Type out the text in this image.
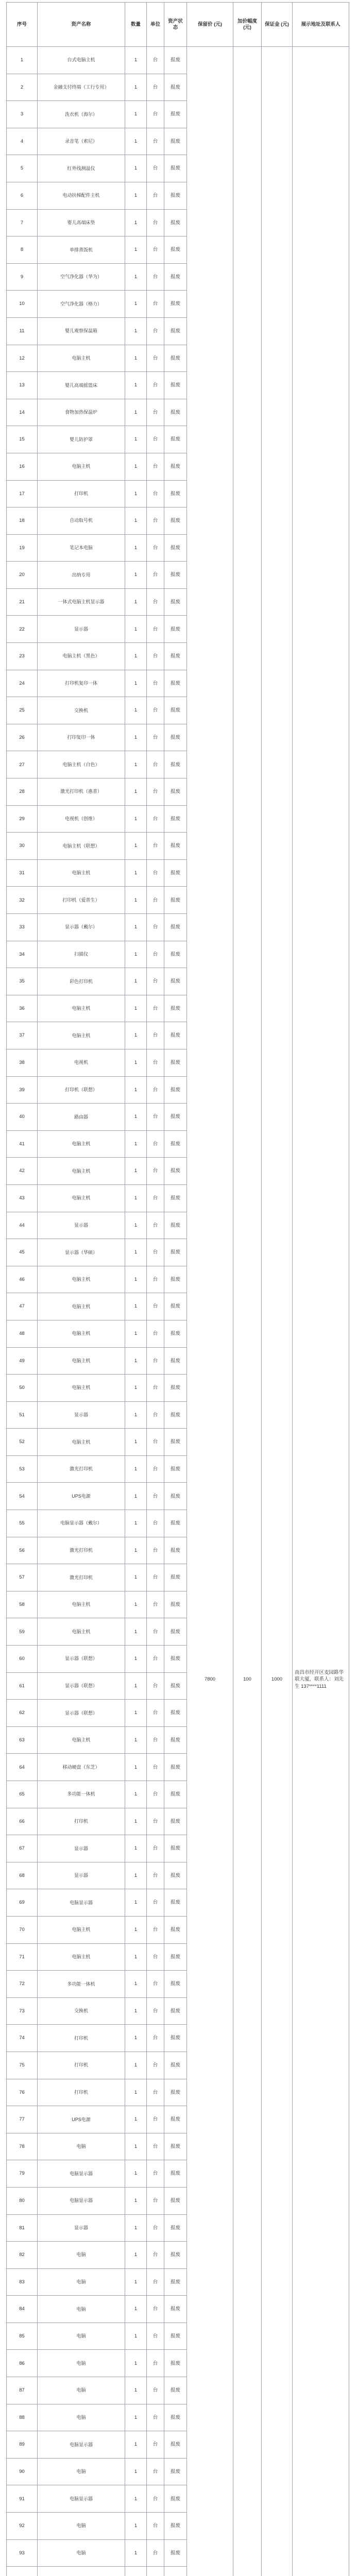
序号	资产名称	数量	单位	资产状态	保留价 (元)	加价幅度 (元)	保证金 (元)	展示地址及联系人
1	台式电脑主机	1	台	报废	7800	100	1000	南昌市经开区麦园路华联大厦，联系人：刘先生 137****1111
2	金融支付终端（工行专用）	1	台	报废				
3	洗衣机（海尔）	1	台	报废				
4	录音笔（索尼）	1	台	报废				
5	红外线测温仪	1	台	报废				
6	电动扶梯配件主机	1	台	报废				
7	婴儿高端床垫	1	台	报废				
8	单排蒸饭机	1	台	报废				
9	空气净化器（华为）	1	台	报废				
10	空气净化器（格力）	1	台	报废				
11	婴儿观察保温箱	1	台	报废				
12	电脑主机	1	台	报废				
13	婴儿高端摇篮床	1	台	报废				
14	食物加热保温炉	1	台	报废				
15	婴儿防护罩	1	台	报废				
16	电脑主机	1	台	报废				
17	打印机	1	台	报废				
18	自动取号机	1	台	报废				
19	笔记本电脑	1	台	报废				
20	出纳专用	1	台	报废				
21	一体式电脑主机显示器	1	台	报废				
22	显示器	1	台	报废				
23	电脑主机（黑色）	1	台	报废				
24	打印机复印一体	1	台	报废				
25	交换机	1	台	报废				
26	打印复印一体	1	台	报废				
27	电脑主机（白色）	1	台	报废				
28	激光打印机（惠普）	1	台	报废				
29	电视机（创维）	1	台	报废				
30	电脑主机（联想）	1	台	报废				
31	电脑主机	1	台	报废				
32	打印机（爱普生）	1	台	报废				
33	显示器（戴尔）	1	台	报废				
34	扫描仪	1	台	报废				
35	彩色打印机	1	台	报废				
36	电脑主机	1	台	报废				
37	电脑主机	1	台	报废				
38	电视机	1	台	报废				
39	打印机（联想）	1	台	报废				
40	路由器	1	台	报废				
41	电脑主机	1	台	报废				
42	电脑主机	1	台	报废				
43	电脑主机	1	台	报废				
44	显示器	1	台	报废				
45	显示器（华硕）	1	台	报废				
46	电脑主机	1	台	报废				
47	电脑主机	1	台	报废				
48	电脑主机	1	台	报废				
49	电脑主机	1	台	报废				
50	电脑主机	1	台	报废				
51	显示器	1	台	报废				
52	电脑主机	1	台	报废				
53	激光打印机	1	台	报废				
54	UPS电源	1	台	报废				
55	电脑显示器（戴尔）	1	台	报废				
56	激光打印机	1	台	报废				
57	激光打印机	1	台	报废				
58	电脑主机	1	台	报废				
59	电脑主机	1	台	报废				
60	显示器（联想）	1	台	报废				
61	显示器（联想）	1	台	报废				
62	显示器（联想）	1	台	报废				
63	电脑主机	1	台	报废				
64	移动硬盘（东芝）	1	台	报废				
65	多功能一体机	1	台	报废				
66	打印机	1	台	报废				
67	显示器	1	台	报废				
68	显示器	1	台	报废				
69	电脑显示器	1	台	报废				
70	电脑主机	1	台	报废				
71	电脑主机	1	台	报废				
72	多功能一体机	1	台	报废				
73	交换机	1	台	报废				
74	打印机	1	台	报废				
75	打印机	1	台	报废				
76	打印机	1	台	报废				
77	UPS电源	1	台	报废				
78	电脑	1	台	报废				
79	电脑显示器	1	台	报废				
80	电脑显示器	1	台	报废				
81	显示器	1	台	报废				
82	电脑	1	台	报废				
83	电脑	1	台	报废				
84	电脑	1	台	报废				
85	电脑	1	台	报废				
86	电脑	1	台	报废				
87	电脑	1	台	报废				
88	电脑	1	台	报废				
89	电脑显示器	1	台	报废				
90	电脑	1	台	报废				
91	电脑显示器	1	台	报废				
92	电脑	1	台	报废				
93	电脑	1	台	报废				
